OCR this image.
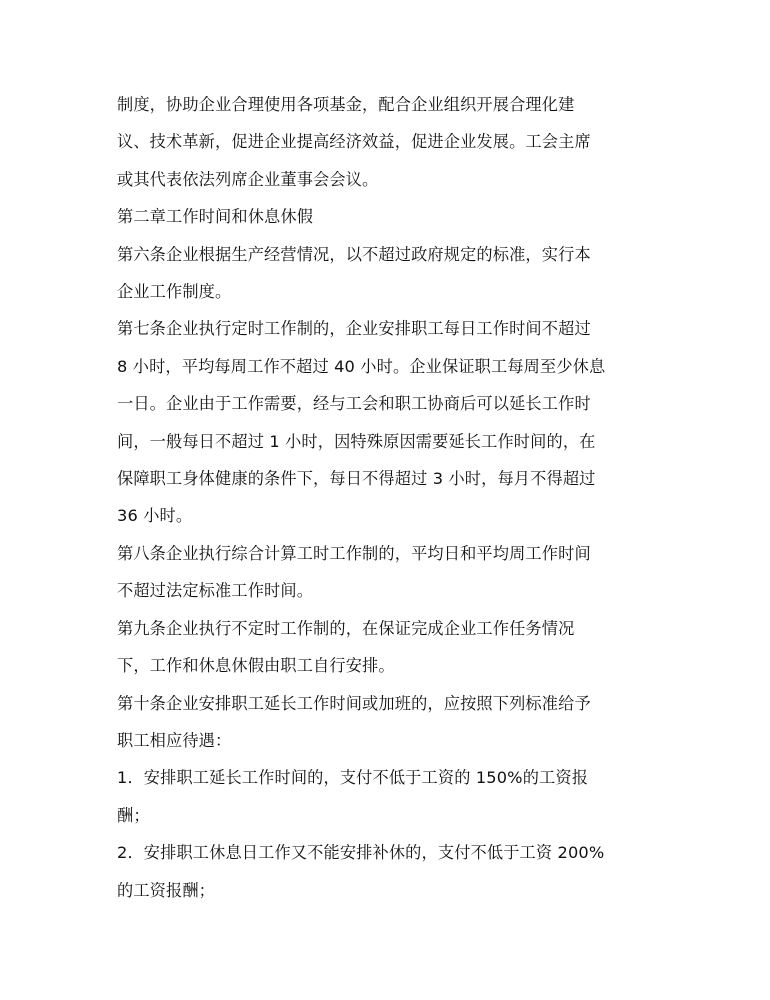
制度，协助企业合理使用各项基金，配合企业组织开展合理化建
议、技术革新，促进企业提高经济效益，促进企业发展。工会主席
或其代表依法列席企业董事会会议。

第二章工作时间和休息休假

第六条企业根据生产经营情况，以不超过政府规定的标准，实行本
企业工作制度。

第七条企业执行定时工作制的，企业安排职工每日工作时间不超过
8 小时，平均每周工作不超过 40 小时。企业保证职工每周至少休息
一日。企业由于工作需要，经与工会和职工协商后可以延长工作时
间，一般每日不超过 1 小时，因特殊原因需要延长工作时间的，在
保障职工身体健康的条件下，每日不得超过 3 小时，每月不得超过
36 小时。

第八条企业执行综合计算工时工作制的，平均日和平均周工作时间
不超过法定标准工作时间。

第九条企业执行不定时工作制的，在保证完成企业工作任务情况
下，工作和休息休假由职工自行安排。

第十条企业安排职工延长工作时间或加班的，应按照下列标准给予
职工相应待遇：

1．安排职工延长工作时间的，支付不低于工资的 150%的工资报
酬；

2．安排职工休息日工作又不能安排补休的，支付不低于工资 200%
的工资报酬；
